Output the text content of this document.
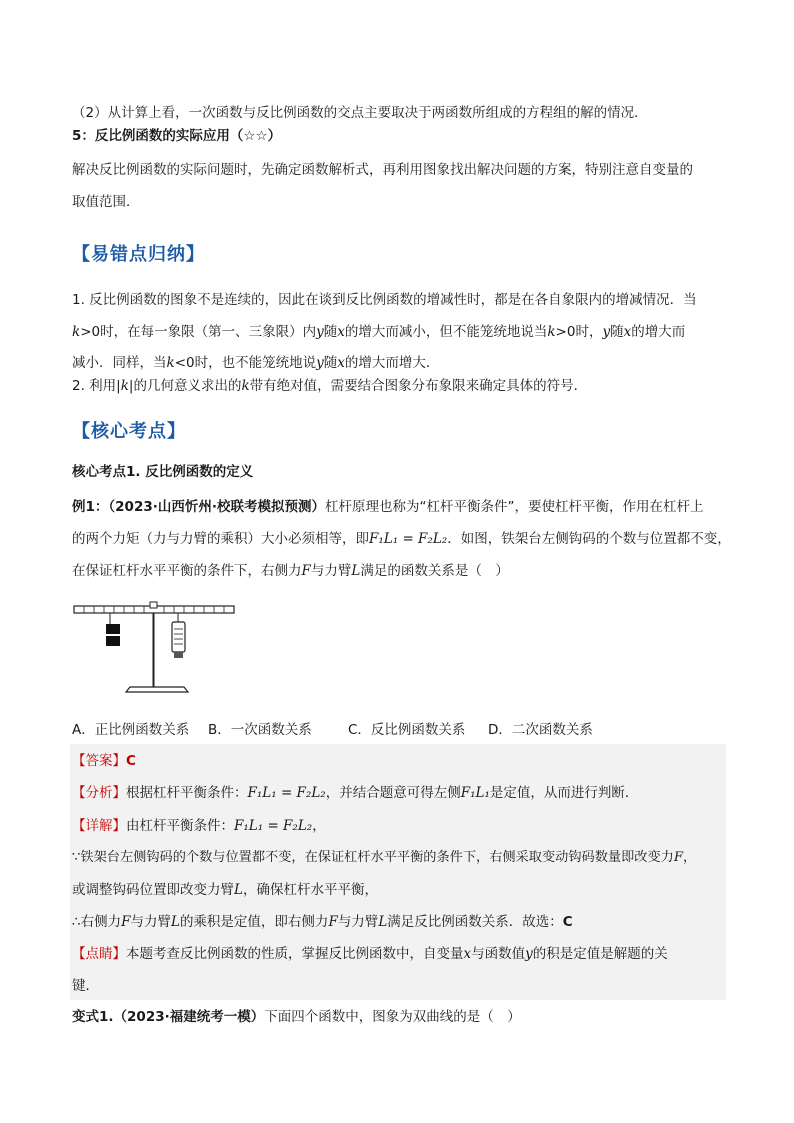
（2）从计算上看，一次函数与反比例函数的交点主要取决于两函数所组成的方程组的解的情况．
5：反比例函数的实际应用（☆☆）
解决反比例函数的实际问题时，先确定函数解析式，再利用图象找出解决问题的方案，特别注意自变量的
取值范围．
【易错点归纳】
1. 反比例函数的图象不是连续的，因此在谈到反比例函数的增减性时，都是在各自象限内的增减情况．当
k>0时，在每一象限（第一、三象限）内y随x的增大而减小，但不能笼统地说当k>0时，y随x的增大而
减小．同样，当k<0时，也不能笼统地说y随x的增大而增大．
2. 利用|k|的几何意义求出的k带有绝对值，需要结合图象分布象限来确定具体的符号．
【核心考点】
核心考点1. 反比例函数的定义
例1：（2023·山西忻州·校联考模拟预测）杠杆原理也称为“杠杆平衡条件”，要使杠杆平衡，作用在杠杆上
的两个力矩（力与力臂的乘积）大小必须相等，即F₁L₁ = F₂L₂．如图，铁架台左侧钩码的个数与位置都不变，
在保证杠杆水平平衡的条件下，右侧力F与力臂L满足的函数关系是（　）
A．正比例函数关系 B．一次函数关系	C．反比例函数关系 D．二次函数关系
【答案】C
【分析】根据杠杆平衡条件：F₁L₁ = F₂L₂，并结合题意可得左侧F₁L₁是定值，从而进行判断．
【详解】由杠杆平衡条件：F₁L₁ = F₂L₂，
∵铁架台左侧钩码的个数与位置都不变，在保证杠杆水平平衡的条件下，右侧采取变动钩码数量即改变力F，
或调整钩码位置即改变力臂L，确保杠杆水平平衡，
∴右侧力F与力臂L的乘积是定值，即右侧力F与力臂L满足反比例函数关系．故选：C
【点睛】本题考查反比例函数的性质，掌握反比例函数中，自变量x与函数值y的积是定值是解题的关
键．
变式1.（2023·福建统考一模）下面四个函数中，图象为双曲线的是（　）
